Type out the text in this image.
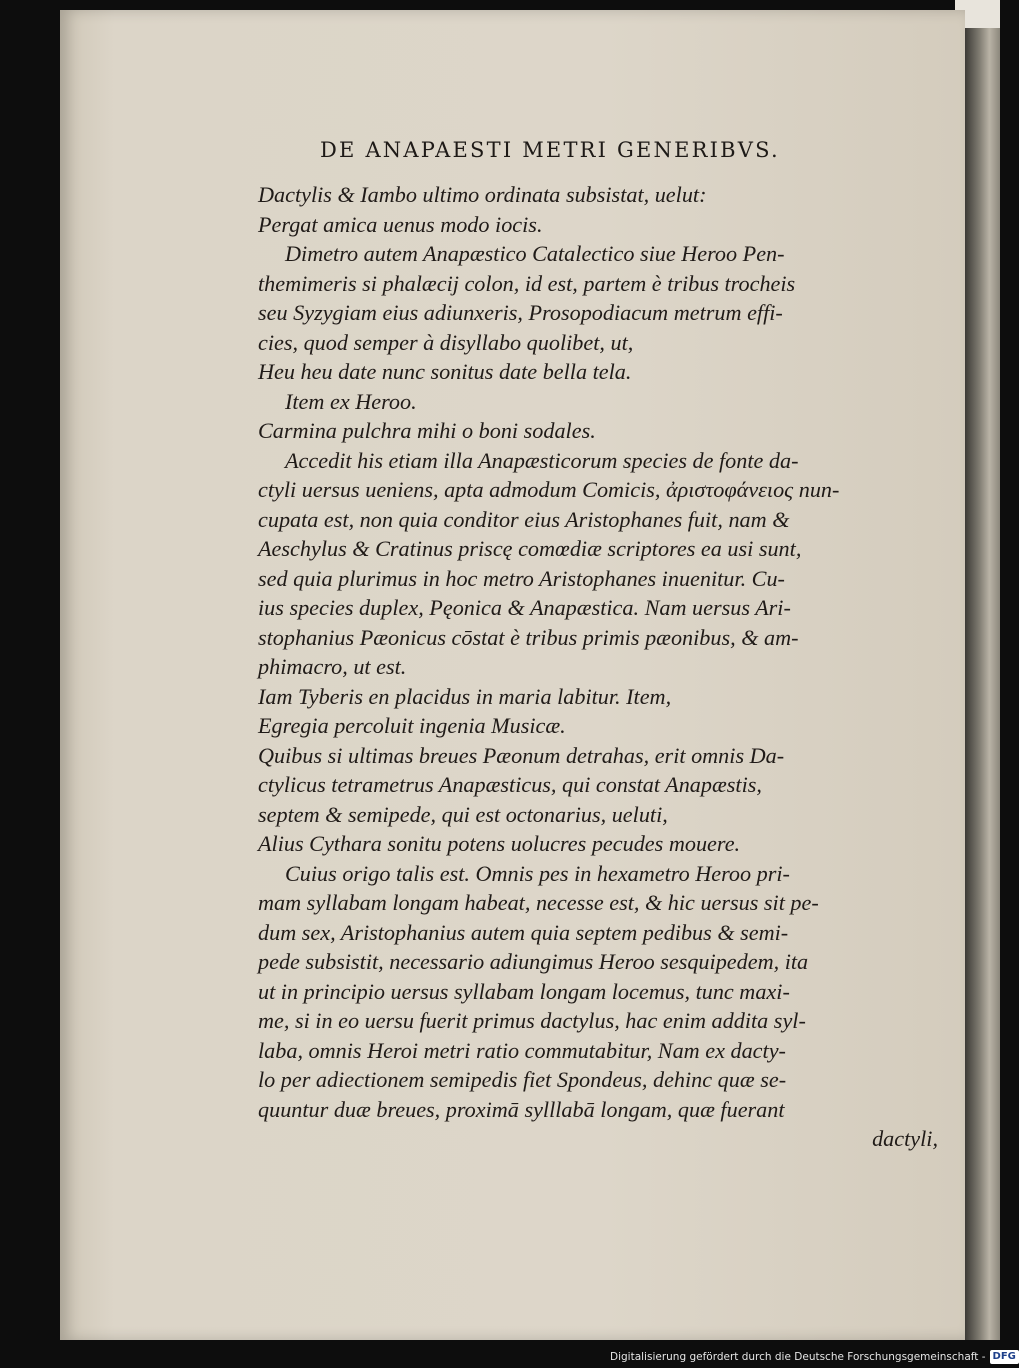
DE ANAPAESTI METRI GENERIBVS.
Dactylis & Iambo ultimo ordinata subsistat, uelut:
Pergat amica uenus modo iocis.
Dimetro autem Anapæstico Catalectico siue Heroo Pen-
themimeris si phalæcij colon, id est, partem è tribus trocheis
seu Syzygiam eius adiunxeris, Prosopodiacum metrum effi-
cies, quod semper à disyllabo quolibet, ut,
Heu heu date nunc sonitus date bella tela.
Item ex Heroo.
Carmina pulchra mihi o boni sodales.
Accedit his etiam illa Anapæsticorum species de fonte da-
ctyli uersus ueniens, apta admodum Comicis, ἀριστοφάνειος nun-
cupata est, non quia conditor eius Aristophanes fuit, nam &
Aeschylus & Cratinus priscę comœdiæ scriptores ea usi sunt,
sed quia plurimus in hoc metro Aristophanes inuenitur. Cu-
ius species duplex, Pęonica & Anapæstica. Nam uersus Ari-
stophanius Pæonicus cōstat è tribus primis pæonibus, & am-
phimacro, ut est.
Iam Tyberis en placidus in maria labitur. Item,
Egregia percoluit ingenia Musicæ.
Quibus si ultimas breues Pæonum detrahas, erit omnis Da-
ctylicus tetrametrus Anapæsticus, qui constat Anapæstis,
septem & semipede, qui est octonarius, ueluti,
Alius Cythara sonitu potens uolucres pecudes mouere.
Cuius origo talis est. Omnis pes in hexametro Heroo pri-
mam syllabam longam habeat, necesse est, & hic uersus sit pe-
dum sex, Aristophanius autem quia septem pedibus & semi-
pede subsistit, necessario adiungimus Heroo sesquipedem, ita
ut in principio uersus syllabam longam locemus, tunc maxi-
me, si in eo uersu fuerit primus dactylus, hac enim addita syl-
laba, omnis Heroi metri ratio commutabitur, Nam ex dacty-
lo per adiectionem semipedis fiet Spondeus, dehinc quæ se-
quuntur duæ breues, proximā sylllabā longam, quæ fuerant
dactyli,
Digitalisierung gefördert durch die Deutsche Forschungsgemeinschaft - DFG
